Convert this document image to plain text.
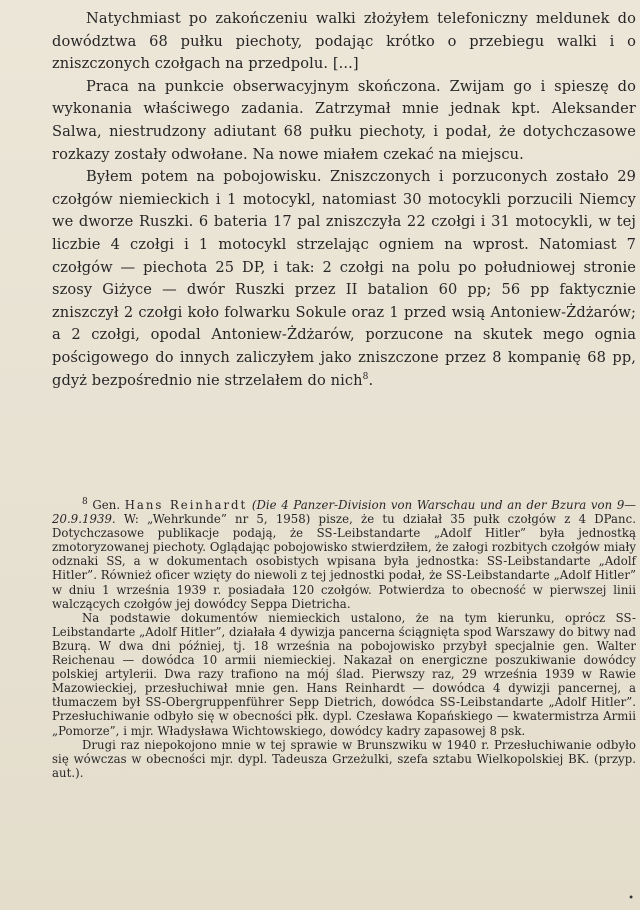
Natychmiast po zakończeniu walki złożyłem telefoniczny meldunek do dowództwa 68 pułku piechoty, podając krótko o przebiegu walki i o zniszczonych czołgach na przedpolu. [...]

Praca na punkcie obserwacyjnym skończona. Zwijam go i spieszę do wykonania właściwego zadania. Zatrzymał mnie jednak kpt. Aleksander Salwa, niestrudzony adiutant 68 pułku piechoty, i podał, że dotychczasowe rozkazy zostały odwołane. Na nowe miałem czekać na miejscu.

Byłem potem na pobojowisku. Zniszczonych i porzuconych zostało 29 czołgów niemieckich i 1 motocykl, natomiast 30 motocykli porzucili Niemcy we dworze Ruszki. 6 bateria 17 pal zniszczyła 22 czołgi i 31 motocykli, w tej liczbie 4 czołgi i 1 motocykl strzelając ogniem na wprost. Natomiast 7 czołgów — piechota 25 DP, i tak: 2 czołgi na polu po południowej stronie szosy Giżyce — dwór Ruszki przez II batalion 60 pp; 56 pp faktycznie zniszczył 2 czołgi koło folwarku Sokule oraz 1 przed wsią Antoniew-Żdżarów; a 2 czołgi, opodal Antoniew-Żdżarów, porzucone na skutek mego ognia pościgowego do innych zaliczyłem jako zniszczone przez 8 kompanię 68 pp, gdyż bezpośrednio nie strzelałem do nich$^8$.

$^8$ Gen. Hans Reinhardt (Die 4 Panzer-Division von Warschau und an der Bzura von 9—20.9.1939. W: „Wehrkunde” nr 5, 1958) pisze, że tu działał 35 pułk czołgów z 4 DPanc. Dotychczasowe publikacje podają, że SS-Leibstandarte „Adolf Hitler” była jednostką zmotoryzowanej piechoty. Oglądając pobojowisko stwierdziłem, że załogi rozbitych czołgów miały odznaki SS, a w dokumentach osobistych wpisana była jednostka: SS-Leibstandarte „Adolf Hitler”. Również oficer wzięty do niewoli z tej jednostki podał, że SS-Leibstandarte „Adolf Hitler” w dniu 1 września 1939 r. posiadała 120 czołgów. Potwierdza to obecność w pierwszej linii walczących czołgów jej dowódcy Seppa Dietricha.

Na podstawie dokumentów niemieckich ustalono, że na tym kierunku, oprócz SS-Leibstandarte „Adolf Hitler”, działała 4 dywizja pancerna ściągnięta spod Warszawy do bitwy nad Bzurą. W dwa dni później, tj. 18 września na pobojowisko przybył specjalnie gen. Walter Reichenau — dowódca 10 armii niemieckiej. Nakazał on energiczne poszukiwanie dowódcy polskiej artylerii. Dwa razy trafiono na mój ślad. Pierwszy raz, 29 września 1939 w Rawie Mazowieckiej, przesłuchiwał mnie gen. Hans Reinhardt — dowódca 4 dywizji pancernej, a tłumaczem był SS-Obergruppenführer Sepp Dietrich, dowódca SS-Leibstandarte „Adolf Hitler”. Przesłuchiwanie odbyło się w obecności płk. dypl. Czesława Kopańskiego — kwatermistrza Armii „Pomorze”, i mjr. Władysława Wichtowskiego, dowódcy kadry zapasowej 8 psk.

Drugi raz niepokojono mnie w tej sprawie w Brunszwiku w 1940 r. Przesłuchiwanie odbyło się wówczas w obecności mjr. dypl. Tadeusza Grzeżulki, szefa sztabu Wielkopolskiej BK. (przyp. aut.).

•
